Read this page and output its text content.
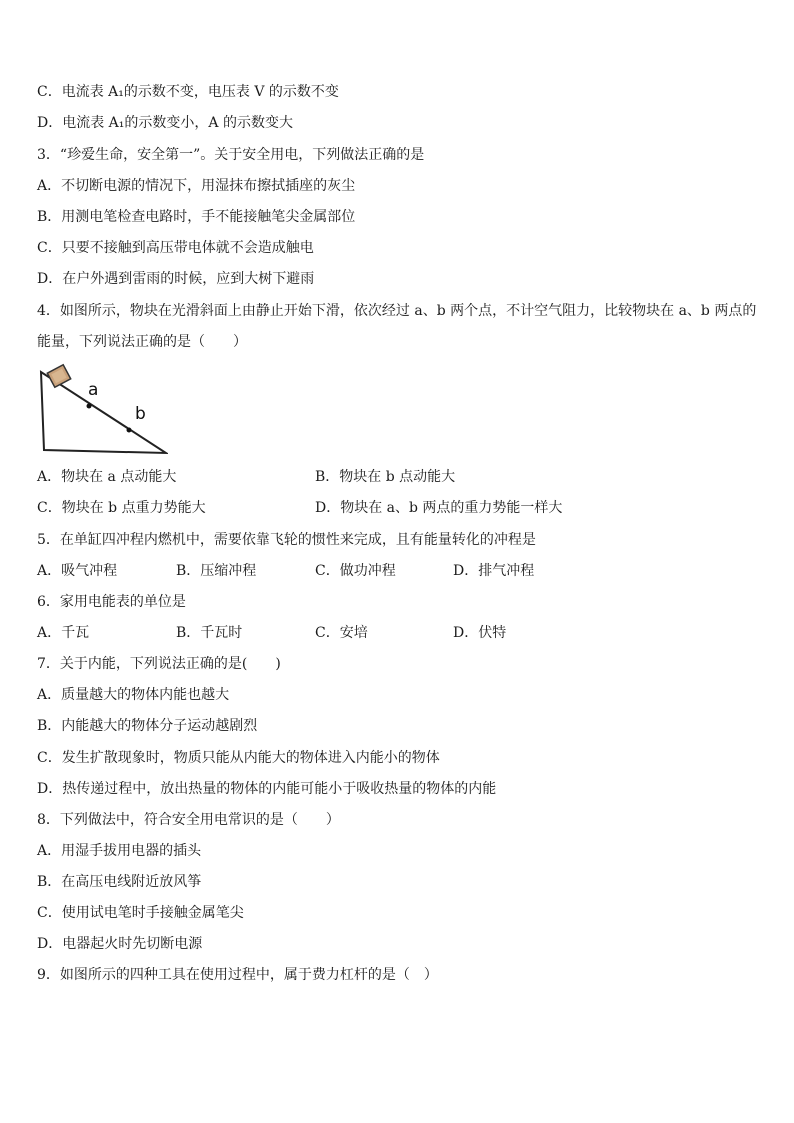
C．电流表 A₁的示数不变，电压表 V 的示数不变
D．电流表 A₁的示数变小，A 的示数变大
3．“珍爱生命，安全第一”。关于安全用电，下列做法正确的是
A．不切断电源的情况下，用湿抹布擦拭插座的灰尘
B．用测电笔检查电路时，手不能接触笔尖金属部位
C．只要不接触到高压带电体就不会造成触电
D．在户外遇到雷雨的时候，应到大树下避雨
4．如图所示，物块在光滑斜面上由静止开始下滑，依次经过 a、b 两个点，不计空气阻力，比较物块在 a、b 两点的能量，下列说法正确的是（　　）
a
b
A．物块在 a 点动能大	B．物块在 b 点动能大
C．物块在 b 点重力势能大	D．物块在 a、b 两点的重力势能一样大
5．在单缸四冲程内燃机中，需要依靠飞轮的惯性来完成，且有能量转化的冲程是
A．吸气冲程	B．压缩冲程	C．做功冲程	D．排气冲程
6．家用电能表的单位是
A．千瓦	B．千瓦时	C．安培	D．伏特
7．关于内能，下列说法正确的是(　　)
A．质量越大的物体内能也越大
B．内能越大的物体分子运动越剧烈
C．发生扩散现象时，物质只能从内能大的物体进入内能小的物体
D．热传递过程中，放出热量的物体的内能可能小于吸收热量的物体的内能
8．下列做法中，符合安全用电常识的是（　　）
A．用湿手拔用电器的插头
B．在高压电线附近放风筝
C．使用试电笔时手接触金属笔尖
D．电器起火时先切断电源
9．如图所示的四种工具在使用过程中，属于费力杠杆的是（　）
